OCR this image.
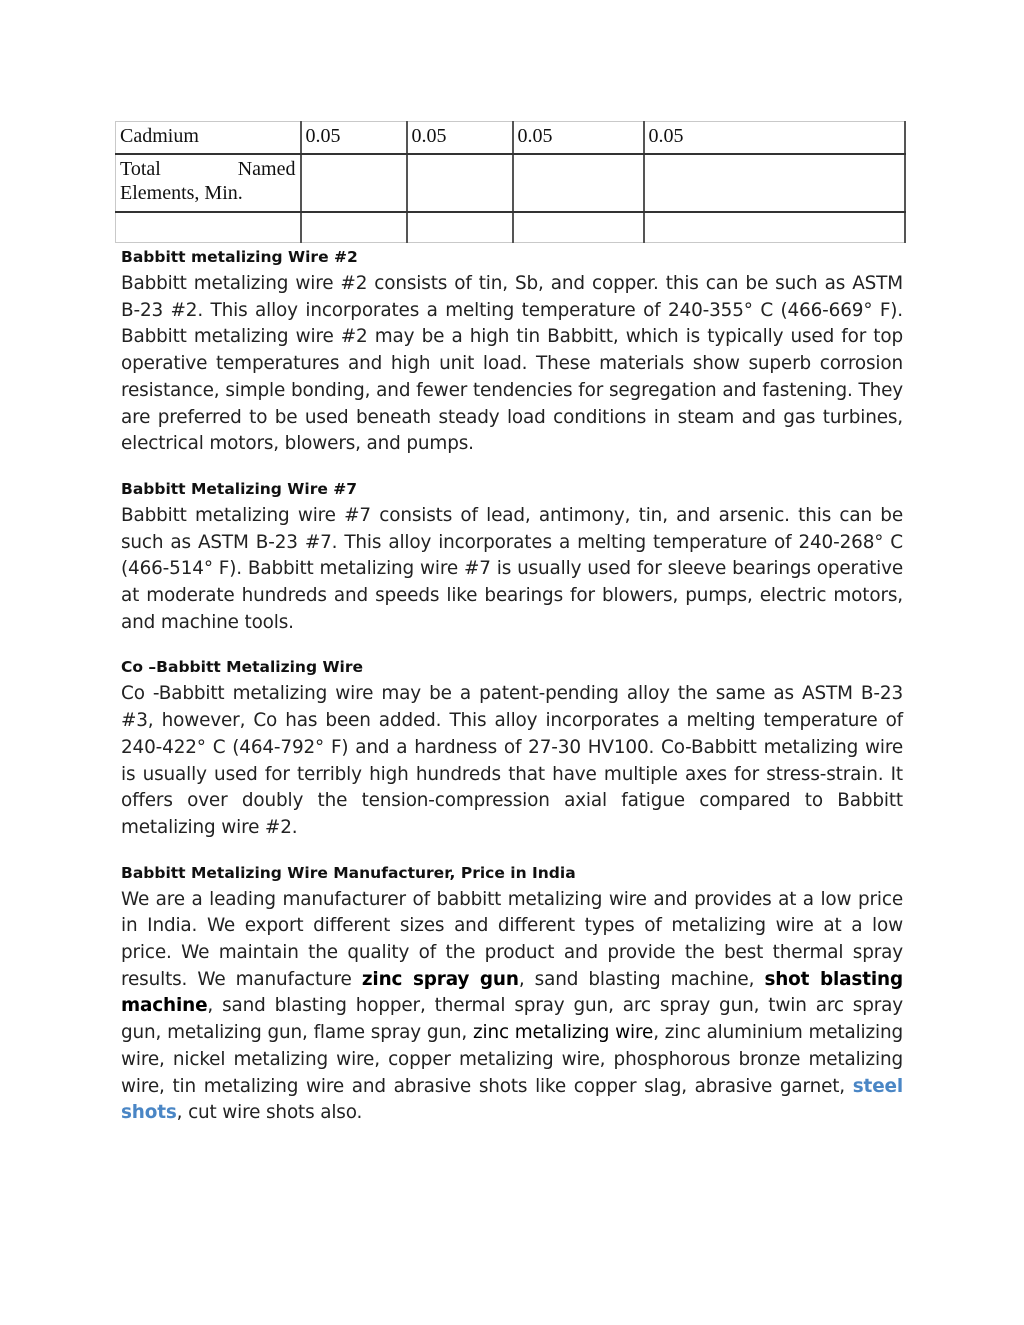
Cadmium	0.05	0.05	0.05	0.05

Total Named
Elements, Min.				

Babbitt metalizing Wire #2

Babbitt metalizing wire #2 consists of tin, Sb, and copper. this can be such as ASTM B-23 #2. This alloy incorporates a melting temperature of 240-355° C (466-669° F). Babbitt metalizing wire #2 may be a high tin Babbitt, which is typically used for top operative temperatures and high unit load. These materials show superb corrosion resistance, simple bonding, and fewer tendencies for segregation and fastening. They are preferred to be used beneath steady load conditions in steam and gas turbines, electrical motors, blowers, and pumps.

Babbitt Metalizing Wire #7

Babbitt metalizing wire #7 consists of lead, antimony, tin, and arsenic. this can be such as ASTM B-23 #7. This alloy incorporates a melting temperature of 240-268° C (466-514° F). Babbitt metalizing wire #7 is usually used for sleeve bearings operative at moderate hundreds and speeds like bearings for blowers, pumps, electric motors, and machine tools.

Co –Babbitt Metalizing Wire

Co -Babbitt metalizing wire may be a patent-pending alloy the same as ASTM B-23 #3, however, Co has been added. This alloy incorporates a melting temperature of 240-422° C (464-792° F) and a hardness of 27-30 HV100. Co-Babbitt metalizing wire is usually used for terribly high hundreds that have multiple axes for stress-strain. It offers over doubly the tension-compression axial fatigue compared to Babbitt metalizing wire #2.

Babbitt Metalizing Wire Manufacturer, Price in India

We are a leading manufacturer of babbitt metalizing wire and provides at a low price in India. We export different sizes and different types of metalizing wire at a low price. We maintain the quality of the product and provide the best thermal spray results. We manufacture zinc spray gun, sand blasting machine, shot blasting machine, sand blasting hopper, thermal spray gun, arc spray gun, twin arc spray gun, metalizing gun, flame spray gun, zinc metalizing wire, zinc aluminium metalizing wire, nickel metalizing wire, copper metalizing wire, phosphorous bronze metalizing wire, tin metalizing wire and abrasive shots like copper slag, abrasive garnet, steel shots, cut wire shots also.
